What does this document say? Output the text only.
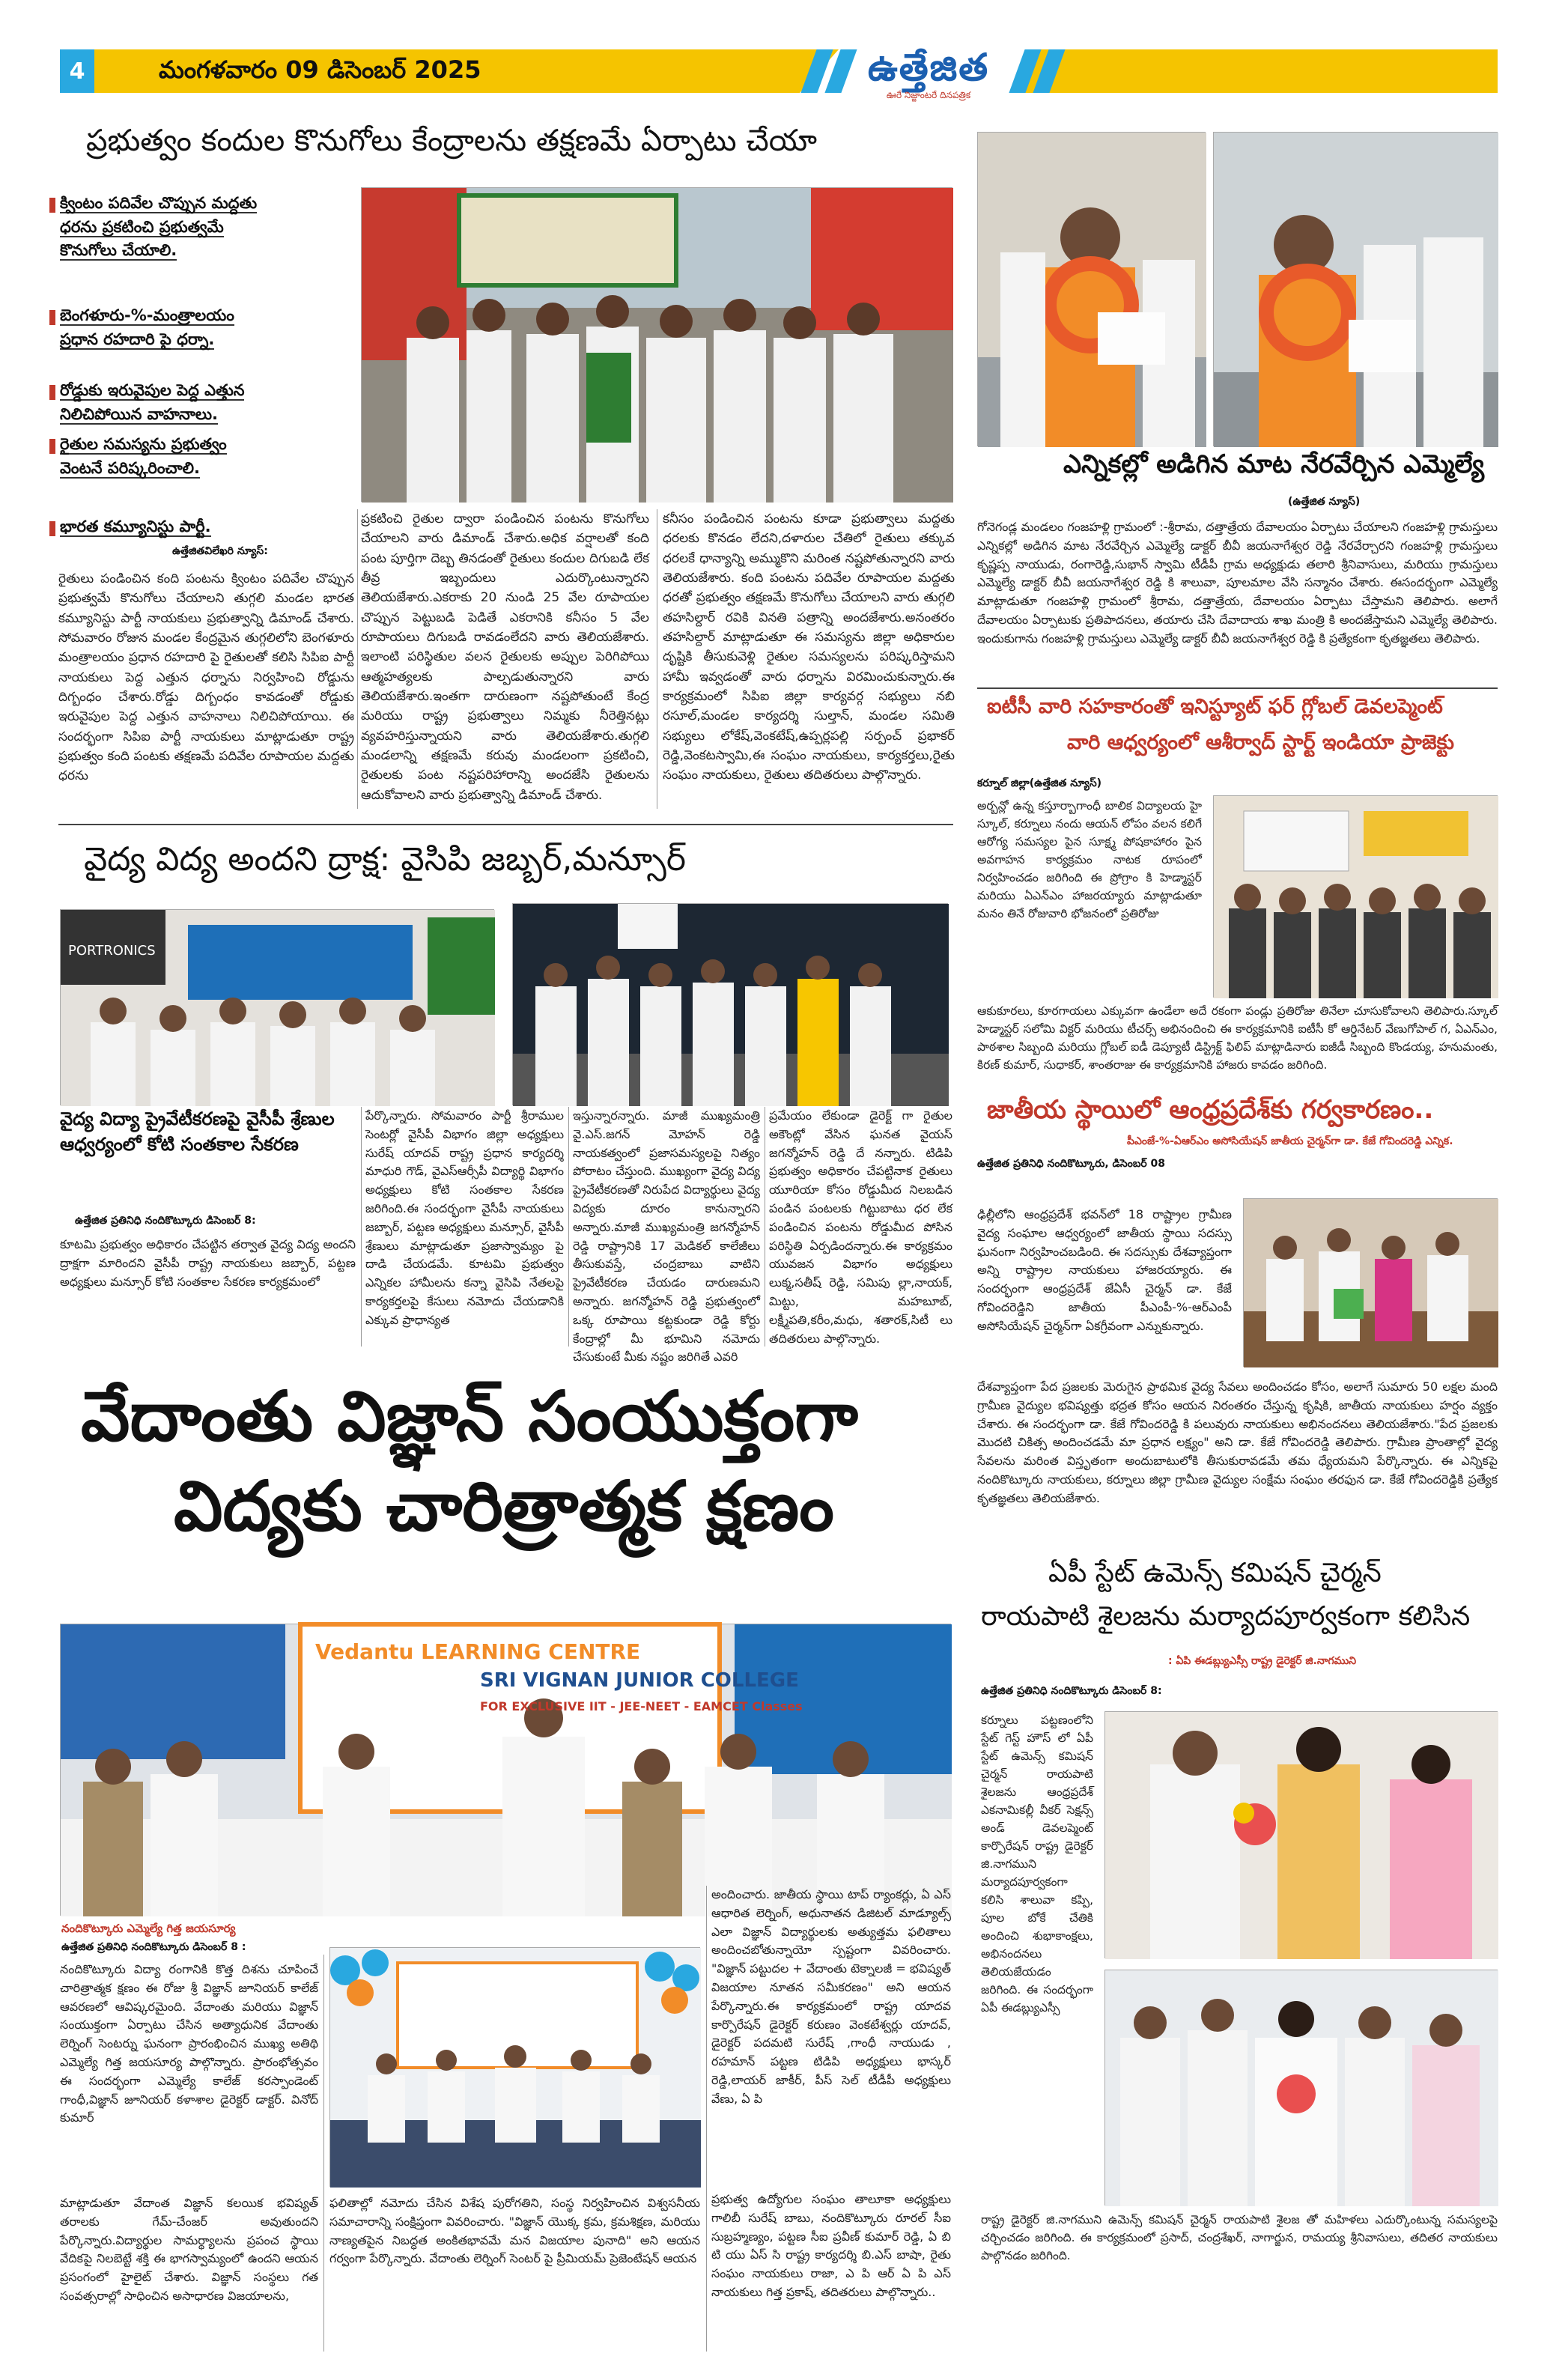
4	మంగళవారం 09 డిసెంబర్ 2025	ఉత్తేజిత
ఊరే నిజ్జాంటరే దినపత్రిక
ప్రభుత్వం కందుల కొనుగోలు కేంద్రాలను తక్షణమే ఏర్పాటు చేయా
క్వింటం పదివేల చొప్పున మద్దతు ధరను ప్రకటించి ప్రభుత్వమే కొనుగోలు చేయాలి.
బెంగళూరు-%-మంత్రాలయం ప్రధాన రహదారి పై ధర్నా.
రోడ్డుకు ఇరువైపుల పెద్ద ఎత్తున నిలిచిపోయిన వాహనాలు.
రైతుల సమస్యను ప్రభుత్వం వెంటనే పరిష్కరించాలి.
భారత కమ్యూనిస్టు పార్టీ.
ఉత్తేజితవిలేఖరి న్యూస్:
రైతులు పండించిన కంది పంటను క్వింటం పదివేల చొప్పున ప్రభుత్వమే కొనుగోలు చేయాలని తుగ్గలి మండల భారత కమ్యూనిస్టు పార్టీ నాయకులు ప్రభుత్వాన్ని డిమాండ్ చేశారు. సోమవారం రోజున మండల కేంద్రమైన తుగ్గలిలోని బెంగళూరు మంత్రాలయం ప్రధాన రహదారి పై రైతులతో కలిసి సిపిఐ పార్టీ నాయకులు పెద్ద ఎత్తున ధర్నాను నిర్వహించి రోడ్డును దిగ్బంధం చేశారు.రోడ్డు దిగ్బంధం కావడంతో రోడ్డుకు ఇరువైపుల పెద్ద ఎత్తున వాహనాలు నిలిచిపోయాయి. ఈ సందర్భంగా సిపిఐ పార్టీ నాయకులు మాట్లాడుతూ రాష్ట్ర ప్రభుత్వం కంది పంటకు తక్షణమే పదివేల రూపాయల మద్దతు ధరను
ప్రకటించి రైతుల ద్వారా పండించిన పంటను కొనుగోలు చేయాలని వారు డిమాండ్ చేశారు.అధిక వర్షాలతో కంది పంట పూర్తిగా దెబ్బ తినడంతో రైతులు కందుల దిగుబడి లేక తీవ్ర ఇబ్బందులు ఎదుర్కొంటున్నారని తెలియజేశారు.ఎకరాకు 20 నుండి 25 వేల రూపాయల చొప్పున పెట్టుబడి పెడితే ఎకరానికి కనీసం 5 వేల రూపాయలు దిగుబడి రావడంలేదని వారు తెలియజేశారు. ఇలాంటి పరిస్థితుల వలన రైతులకు అప్పుల పెరిగిపోయి ఆత్మహత్యలకు పాల్పడుతున్నారని వారు తెలియజేశారు.ఇంతగా దారుణంగా నష్టపోతుంటే కేంద్ర మరియు రాష్ట్ర ప్రభుత్వాలు నిమ్మకు నీరెత్తినట్లు వ్యవహరిస్తున్నాయని వారు తెలియజేశారు.తుగ్గలి మండలాన్ని తక్షణమే కరువు మండలంగా ప్రకటించి, రైతులకు పంట నష్టపరిహారాన్ని అందజేసి రైతులను ఆదుకోవాలని వారు ప్రభుత్వాన్ని డిమాండ్ చేశారు.
కనీసం పండించిన పంటను కూడా ప్రభుత్వాలు మద్దతు ధరలకు కొనడం లేదని,దళారుల చేతిలో రైతులు తక్కువ ధరలకే ధాన్యాన్ని అమ్ముకొని మరింత నష్టపోతున్నారని వారు తెలియజేశారు. కంది పంటను పదివేల రూపాయల మద్దతు ధరతో ప్రభుత్వం తక్షణమే కొనుగోలు చేయాలని వారు తుగ్గలి తహసిల్దార్ రవికి వినతి పత్రాన్ని అందజేశారు.అనంతరం తహసిల్దార్ మాట్లాడుతూ ఈ సమస్యను జిల్లా అధికారుల దృష్టికి తీసుకువెళ్లి రైతుల సమస్యలను పరిష్కరిస్తామని హామీ ఇవ్వడంతో వారు ధర్నాను విరమించుకున్నారు.ఈ కార్యక్రమంలో సిపిఐ జిల్లా కార్యవర్గ సభ్యులు నబి రసూల్,మండల కార్యదర్శి సుల్తాన్, మండల సమితి సభ్యులు లోకేష్,వెంకటేష్,ఉప్పర్లపల్లి సర్పంచ్ ప్రభాకర్ రెడ్డి,వెంకటస్వామి,ఈ సంఘం నాయకులు, కార్యకర్తలు,రైతు సంఘం నాయకులు, రైతులు తదితరులు పాల్గొన్నారు.
ఎన్నికల్లో అడిగిన మాట నేరవేర్చిన ఎమ్మెల్యే
(ఉత్తేజిత న్యూస్)
గోనెగండ్ల మండలం గంజహళ్లి గ్రామంలో :-శ్రీరామ, దత్తాత్రేయ దేవాలయం ఏర్పాటు చేయాలని గంజహళ్లి గ్రామస్తులు ఎన్నికల్లో అడిగిన మాట నేరవేర్చిన ఎమ్మెల్యే డాక్టర్ బీవీ జయనాగేశ్వర రెడ్డి నేరవేర్చారని గంజహళ్లి గ్రామస్తులు కృష్ణప్ప నాయుడు, రంగారెడ్డి,సుభాన్ స్వామి టీడీపీ గ్రామ అధ్యక్షుడు తలారి శ్రీనివాసులు, మరియు గ్రామస్తులు ఎమ్మెల్యే డాక్టర్ బీవీ జయనాగేశ్వర రెడ్డి కి శాలువా, పూలమాల వేసి సన్మానం చేశారు. ఈసందర్భంగా ఎమ్మెల్యే మాట్లాడుతూ గంజహళ్లి గ్రామంలో శ్రీరామ, దత్తాత్రేయ, దేవాలయం ఏర్పాటు చేస్తామని తెలిపారు. అలాగే దేవాలయం ఏర్పాటుకు ప్రతిపాదనలు, తయారు చేసి దేవాదాయ శాఖ మంత్రి కి అందజేస్తామని ఎమ్మెల్యే తెలిపారు. ఇందుకుగాను గంజహళ్లి గ్రామస్తులు ఎమ్మెల్యే డాక్టర్ బీవీ జయనాగేశ్వర రెడ్డి కి ప్రత్యేకంగా కృతజ్ఞతలు తెలిపారు.
ఐటీసీ వారి సహకారంతో ఇనిస్ట్యూట్ ఫర్ గ్లోబల్ డెవలప్మెంట్
వారి ఆధ్వర్యంలో ఆశీర్వాద్ స్టార్ట్ ఇండియా ప్రాజెక్టు
కర్నూల్ జిల్లా(ఉత్తేజిత న్యూస్)
అర్బన్లో ఉన్న కస్తూర్బాగాంధీ బాలిక విద్యాలయ హై స్కూల్, కర్నూలు నందు ఆయన్ లోపం వలన కలిగే ఆరోగ్య సమస్యల పైన సూక్ష్మ పోషకాహారం పైన అవగాహన కార్యక్రమం నాటక రూపంలో నిర్వహించడం జరిగింది ఈ ప్రోగ్రాం కి హెడ్మాస్టర్ మరియు ఏఎన్ఎం హాజరయ్యారు మాట్లాడుతూ మనం తినే రోజువారి భోజనంలో ప్రతిరోజు
ఆకుకూరలు, కూరగాయలు ఎక్కువగా ఉండేలా అదే రకంగా పండ్లు ప్రతిరోజు తినేలా చూసుకోవాలని తెలిపారు.స్కూల్ హెడ్మాస్టర్ సలోమి విక్టర్ మరియు టీచర్స్ అభినందించి ఈ కార్యక్రమానికి ఐటీసీ కో ఆర్డినేటర్ వేణుగోపాల్ గ, ఏఎన్ఎం, పాఠశాల సిబ్బంది మరియు గ్లోబల్ ఐడీ డెప్యూటీ డిస్ట్రిక్ట్ ఫిలిప్ మాట్లాడినారు ఐజీడీ సిబ్బంది కొండయ్య, హనుమంతు, కిరణ్ కుమార్, సుధాకర్, శాంతరాజు ఈ కార్యక్రమానికి హాజరు కావడం జరిగింది.
జాతీయ స్థాయిలో ఆంధ్రప్రదేశ్‌కు గర్వకారణం..
పీఎంజే-%-ఏఆర్ఎం అసోసియేషన్ జాతీయ చైర్మన్‌గా డా. కేజే గోవిందరెడ్డి ఎన్నిక.
ఉత్తేజిత ప్రతినిధి నందికొట్కూరు, డిసెంబర్ 08
ఢిల్లీలోని ఆంధ్రప్రదేశ్ భవన్‌లో 18 రాష్ట్రాల గ్రామీణ వైద్య సంఘాల ఆధ్వర్యంలో జాతీయ స్థాయి సదస్సు ఘనంగా నిర్వహించబడింది. ఈ సదస్సుకు దేశవ్యాప్తంగా అన్ని రాష్ట్రాల నాయకులు హాజరయ్యారు. ఈ సందర్భంగా ఆంధ్రప్రదేశ్ జేఏసీ చైర్మన్ డా. కేజే గోవిందరెడ్డిని జాతీయ పీఎంపీ-%-ఆర్ఎంపీ అసోసియేషన్ చైర్మన్‌గా ఏకగ్రీవంగా ఎన్నుకున్నారు.
దేశవ్యాప్తంగా పేద ప్రజలకు మెరుగైన ప్రాథమిక వైద్య సేవలు అందించడం కోసం, అలాగే సుమారు 50 లక్షల మంది గ్రామీణ వైద్యుల భవిష్యత్తు భద్రత కోసం ఆయన నిరంతరం చేస్తున్న కృషికి, జాతీయ నాయకులు హర్షం వ్యక్తం చేశారు. ఈ సందర్భంగా డా. కేజే గోవిందరెడ్డి కి పలువురు నాయకులు అభినందనలు తెలియజేశారు."పేద ప్రజలకు మొదటి చికిత్స అందించడమే మా ప్రధాన లక్ష్యం" అని డా. కేజే గోవిందరెడ్డి తెలిపారు. గ్రామీణ ప్రాంతాల్లో వైద్య సేవలను మరింత విస్తృతంగా అందుబాటులోకి తీసుకురావడమే తమ ధ్యేయమని పేర్కొన్నారు. ఈ ఎన్నికపై నందికొట్కూరు నాయకులు, కర్నూలు జిల్లా గ్రామీణ వైద్యుల సంక్షేమ సంఘం తరఫున డా. కేజే గోవిందరెడ్డికి ప్రత్యేక కృతజ్ఞతలు తెలియజేశారు.
వైద్య విద్య అందని ద్రాక్ష: వైసిపి జబ్బర్,మన్సూర్
PORTRONICS
వైద్య విద్యా ప్రైవేటీకరణపై వైసీపీ శ్రేణుల ఆధ్వర్యంలో కోటి సంతకాల సేకరణ
ఉత్తేజిత ప్రతినిధి నందికొట్కూరు డిసెంబర్ 8:
కూటమి ప్రభుత్వం అధికారం చేపట్టిన తర్వాత వైద్య విద్య అందని ద్రాక్షగా మారిందని వైసీపీ రాష్ట్ర నాయకులు జబ్బార్, పట్టణ అధ్యక్షులు మన్సూర్ కోటి సంతకాల సేకరణ కార్యక్రమంలో
పేర్కొన్నారు. సోమవారం పార్టీ శ్రీరాముల సెంటర్లో వైసీపీ విభాగం జిల్లా అధ్యక్షులు సురేష్ యాదవ్ రాష్ట్ర ప్రధాన కార్యదర్శి మాధురి గౌడ్, వైఎస్ఆర్సీపీ విద్యార్థి విభాగం అధ్యక్షులు కోటి సంతకాల సేకరణ జరిగింది.ఈ సందర్భంగా వైసీపీ నాయకులు జబ్బార్, పట్టణ అధ్యక్షులు మన్సూర్, వైసీపీ శ్రేణులు మాట్లాడుతూ ప్రజాస్వామ్యం పై దాడి చేయడమే. కూటమి ప్రభుత్వం ఎన్నికల హామీలను కన్నా వైసిపి నేతలపై కార్యకర్తలపై కేసులు నమోదు చేయడానికి ఎక్కువ ప్రాధాన్యత
ఇస్తున్నారన్నారు. మాజీ ముఖ్యమంత్రి వై.ఎస్.జగన్ మోహన్ రెడ్డి నాయకత్వంలో ప్రజాసమస్యలపై నిత్యం పోరాటం చేస్తుంది. ముఖ్యంగా వైద్య విద్య ప్రైవేటీకరణతో నిరుపేద విద్యార్థులు వైద్య విద్యకు దూరం కానున్నారని అన్నారు.మాజీ ముఖ్యమంత్రి జగన్మోహన్ రెడ్డి రాష్ట్రానికి 17 మెడికల్ కాలేజీలు తీసుకువస్తే, చంద్రబాబు వాటిని ప్రైవేటీకరణ చేయడం దారుణమని అన్నారు. జగన్మోహన్ రెడ్డి ప్రభుత్వంలో ఒక్క రూపాయి కట్టకుండా రెడ్డి కోర్టు కేంద్రాల్లో మీ భూమిని నమోదు చేసుకుంటే మీకు నష్టం జరిగితే ఎవరి
ప్రమేయం లేకుండా డైరెక్ట్ గా రైతుల అకౌంట్లో వేసిన ఘనత వైయస్ జగన్మోహన్ రెడ్డి దే నన్నారు. టిడిపి ప్రభుత్వం అధికారం చేపట్టినాక రైతులు యూరియా కోసం రోడ్డుమీద నిలబడిన పండిన పంటలకు గిట్టుబాటు ధర లేక పండించిన పంటను రోడ్డుమీద పోసిన పరిస్థితి ఏర్పడిందన్నారు.ఈ కార్యక్రమం యువజన విభాగం అధ్యక్షులు లుక్మ,సతీష్ రెడ్డి, సమిపు ల్లా,నాయక్, మిట్టు, మహబూబ్, లక్ష్మీపతి,కరీం,మధు, శతారక్,సిటీ లు తదితరులు పాల్గొన్నారు.
వేదాంతు విజ్ఞాన్ సంయుక్తంగా
విద్యకు చారిత్రాత్మక క్షణం
Vedantu LEARNING CENTRE
SRI VIGNAN JUNIOR COLLEGE
FOR EXCLUSIVE IIT - JEE-NEET - EAMCET Classes
నందికొట్కూరు ఎమ్మెల్యే గిత్త జయసూర్య
ఉత్తేజిత ప్రతినిధి నందికొట్కూరు డిసెంబర్ 8 :
నందికొట్కూరు విద్యా రంగానికి కొత్త దిశను చూపించే చారిత్రాత్మక క్షణం ఈ రోజు శ్రీ విజ్ఞాన్ జూనియర్ కాలేజ్ ఆవరణలో ఆవిష్కరమైంది. వేదాంతు మరియు విజ్ఞాన్ సంయుక్తంగా ఏర్పాటు చేసిన అత్యాధునిక వేదాంతు లెర్నింగ్ సెంటర్ను ఘనంగా ప్రారంభించిన ముఖ్య అతిథి ఎమ్మెల్యే గిత్త జయసూర్య పాల్గొన్నారు. ప్రారంభోత్సవం ఈ సందర్భంగా ఎమ్మెల్యే కాలేజ్ కరస్పాండెంట్ గాంధీ,విజ్ఞాన్ జూనియర్ కళాశాల డైరెక్టర్ డాక్టర్. వినోద్ కుమార్
అందించారు. జాతీయ స్థాయి టాప్ ర్యాంకర్లు, ఏ ఎస్ ఆధారిత లెర్నింగ్, అధునాతన డిజిటల్ మాడ్యూల్స్ ఎలా విజ్ఞాన్ విద్యార్థులకు అత్యుత్తమ ఫలితాలు అందించబోతున్నాయో స్పష్టంగా వివరించారు. "విజ్ఞాన్ పట్టుదల + వేదాంతు టెక్నాలజీ = భవిష్యత్ విజయాల నూతన సమీకరణం" అని ఆయన పేర్కొన్నారు.ఈ కార్యక్రమంలో రాష్ట్ర యాదవ కార్పొరేషన్ డైరెక్టర్ కరుణం వెంకటేశ్వర్లు యాదవ్, డైరెక్టర్ పదమటి సురేష్ ,గాంధీ నాయుడు , రహమాన్ పట్టణ టిడిపి అధ్యక్షులు భాస్కర్ రెడ్డి,లాయర్ జాకీర్, పీస్ సెల్ టీడీపీ అధ్యక్షులు వేణు, ఏ పి
మాట్లాడుతూ వేదాంత విజ్ఞాన్ కలయిక భవిష్యత్ తరాలకు గేమ్-చేంజర్ అవుతుందని పేర్కొన్నారు.విద్యార్థుల సామర్థ్యాలను ప్రపంచ స్థాయి వేదికపై నిలబెట్టే శక్తి ఈ భాగస్వామ్యంలో ఉందని ఆయన ప్రసంగంలో హైలైట్ చేశారు. విజ్ఞాన్ సంస్థలు గత సంవత్సరాల్లో సాధించిన అసాధారణ విజయాలను,
ఫలితాల్లో నమోదు చేసిన విశేష పురోగతిని, సంస్థ నిర్వహించిన విశ్వసనీయ సమాచారాన్ని సంక్షిప్తంగా వివరించారు. "విజ్ఞాన్ యొక్క క్రమ, క్రమశిక్షణ, మరియు నాణ్యతపైన నిబద్ధత అంకితభావమే మన విజయాల పునాది" అని ఆయన గర్వంగా పేర్కొన్నారు. వేదాంతు లెర్నింగ్ సెంటర్ పై ప్రీమియమ్ ప్రెజెంటేషన్ ఆయన
ప్రభుత్వ ఉద్యోగుల సంఘం తాలూకా అధ్యక్షులు గాలిబీ సురేష్ బాబు, నందికొట్కూరు రూరల్ సీఐ సుబ్రహ్మణ్యం, పట్టణ సీఐ ప్రవీణ్ కుమార్ రెడ్డి, ఏ బి టి యు ఏస్ సి రాష్ట్ర కార్యదర్శి బి.ఎస్ బాషా, రైతు సంఘం నాయకులు రాజా, ఎ పి ఆర్ ఏ పి ఎస్ నాయకులు గిత్త ప్రకాష్, తదితరులు పాల్గొన్నారు..
ఏపీ స్టేట్ ఉమెన్స్ కమిషన్ చైర్మన్
రాయపాటి శైలజను మర్యాదపూర్వకంగా కలిసిన
: ఏపి ఈడబ్ల్యుఎస్సీ రాష్ట్ర డైరెక్టర్ జి.నాగముని
ఉత్తేజిత ప్రతినిధి నందికొట్కూరు డిసెంబర్ 8:
కర్నూలు పట్టణంలోని స్టేట్ గెస్ట్ హౌస్ లో ఏపీ స్టేట్ ఉమెన్స్ కమిషన్ చైర్మన్ రాయపాటి శైలజను ఆంధ్రప్రదేశ్ ఎకనామికల్లీ వీకర్ సెక్షన్స్ అండ్ డెవలప్మెంట్ కార్పొరేషన్ రాష్ట్ర డైరెక్టర్ జి.నాగముని మర్యాదపూర్వకంగా కలిసి శాలువా కప్పి, పూల బోకే చేతికి అందించి శుభాకాంక్షలు, అభినందనలు తెలియజేయడం జరిగింది. ఈ సందర్భంగా ఏపీ ఈడబ్ల్యుఎస్సీ
రాష్ట్ర డైరెక్టర్ జి.నాగముని ఉమెన్స్ కమిషన్ చైర్మన్ రాయపాటి శైలజ తో మహిళలు ఎదుర్కొంటున్న సమస్యలపై చర్చించడం జరిగింది. ఈ కార్యక్రమంలో ప్రసాద్, చంద్రశేఖర్, నాగార్జున, రామయ్య శ్రీనివాసులు, తదితర నాయకులు పాల్గొనడం జరిగింది.
